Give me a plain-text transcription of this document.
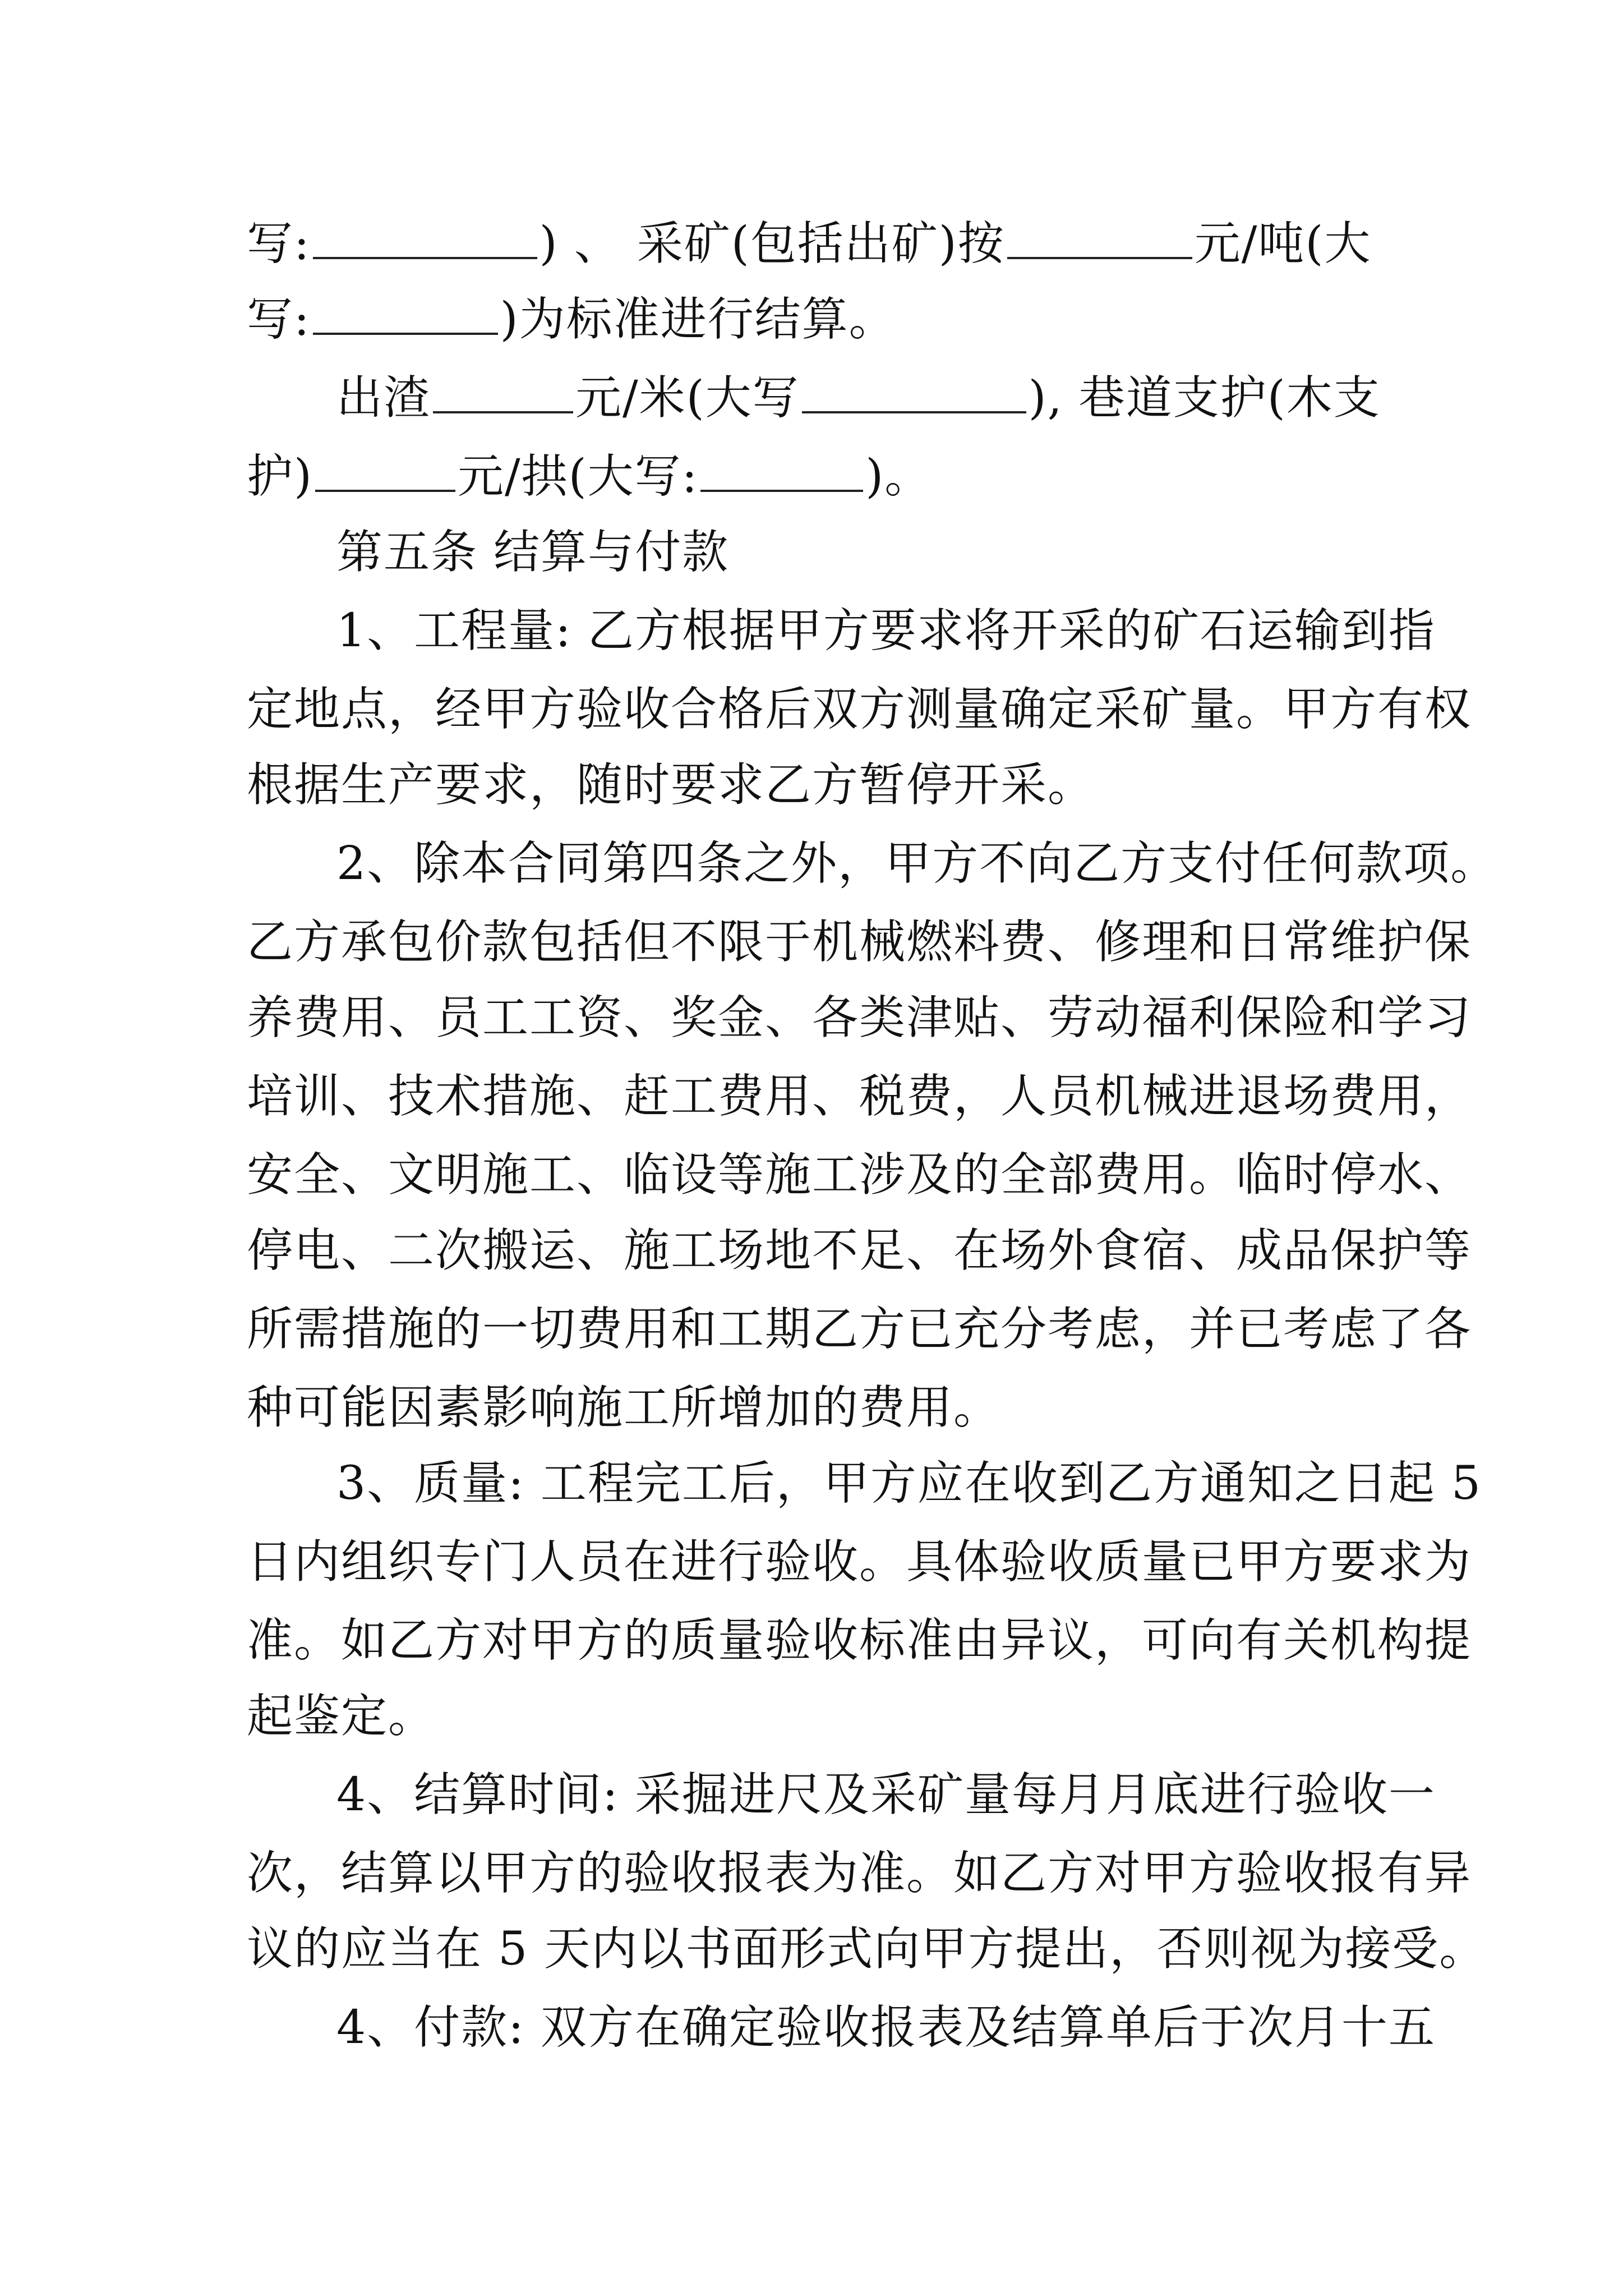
写:	) 、 采矿(包括出矿)按	元/吨(大
写:	)为标准进行结算。
出渣	元/米(大写	), 巷道支护(木支
护)	元/拱(大写:	)。
第五条 结算与付款
1、工程量: 乙方根据甲方要求将开采的矿石运输到指
定地点，经甲方验收合格后双方测量确定采矿量。甲方有权
根据生产要求，随时要求乙方暂停开采。
2、除本合同第四条之外，甲方不向乙方支付任何款项。
乙方承包价款包括但不限于机械燃料费、修理和日常维护保
养费用、员工工资、奖金、各类津贴、劳动福利保险和学习
培训、技术措施、赶工费用、税费，人员机械进退场费用，
安全、文明施工、临设等施工涉及的全部费用。临时停水、
停电、二次搬运、施工场地不足、在场外食宿、成品保护等
所需措施的一切费用和工期乙方已充分考虑，并已考虑了各
种可能因素影响施工所增加的费用。
3、质量: 工程完工后，甲方应在收到乙方通知之日起 5
日内组织专门人员在进行验收。具体验收质量已甲方要求为
准。如乙方对甲方的质量验收标准由异议，可向有关机构提
起鉴定。
4、结算时间: 采掘进尺及采矿量每月月底进行验收一
次，结算以甲方的验收报表为准。如乙方对甲方验收报有异
议的应当在 5 天内以书面形式向甲方提出，否则视为接受。
4、付款: 双方在确定验收报表及结算单后于次月十五
